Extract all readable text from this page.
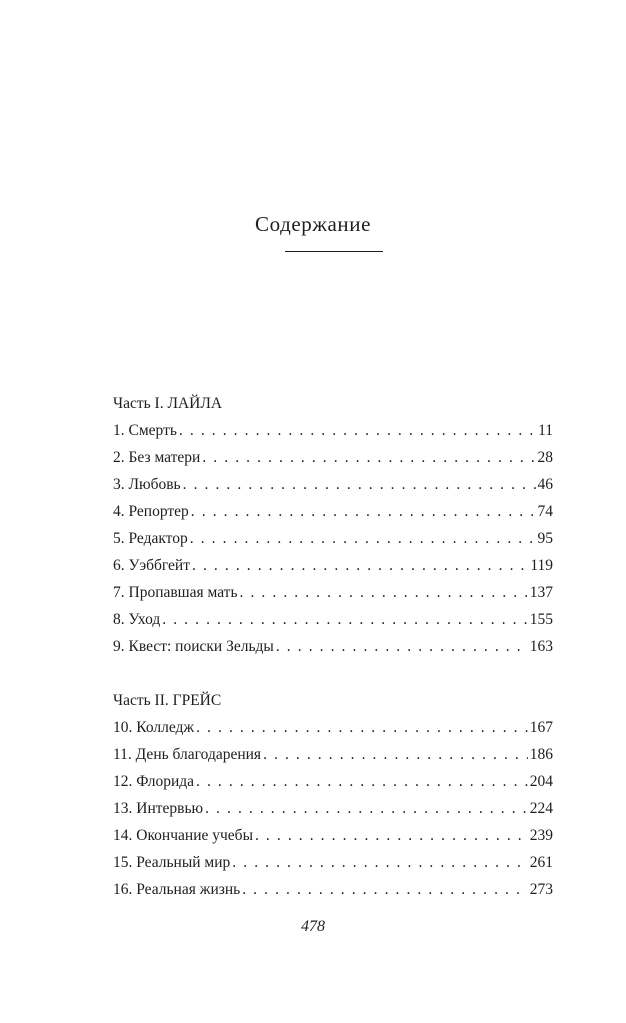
Содержание
Часть I. ЛАЙЛА
1. Смерть . . .	11
2. Без матери . . .	28
3. Любовь . . .	46
4. Репортер . . .	74
5. Редактор . . .	95
6. Уэббгейт . . .	119
7. Пропавшая мать . . .	137
8. Уход . . .	155
9. Квест: поиски Зельды . . .	163
Часть II. ГРЕЙС
10. Колледж . . .	167
11. День благодарения . . .	186
12. Флорида . . .	204
13. Интервью . . .	224
14. Окончание учебы . . .	239
15. Реальный мир . . .	261
16. Реальная жизнь . . .	273
478
